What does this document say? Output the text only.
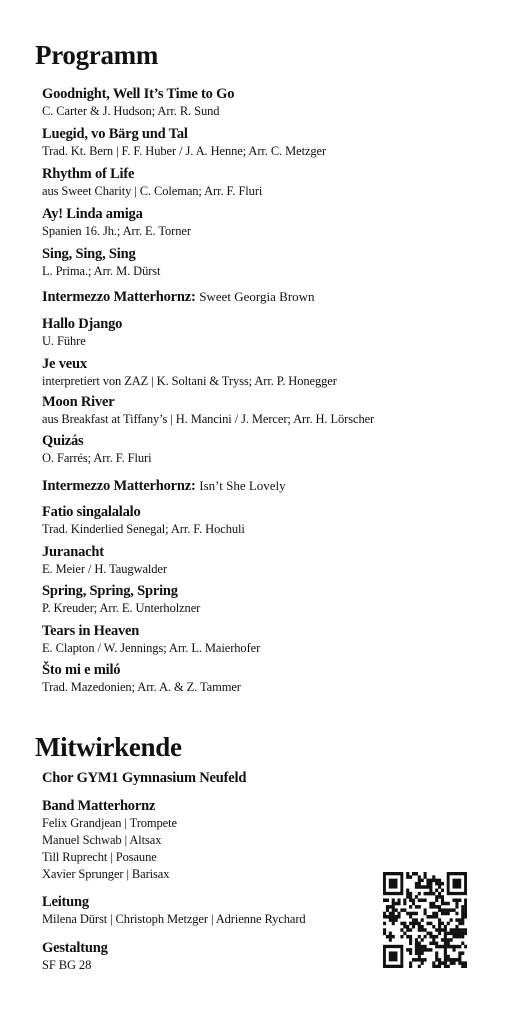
Programm
Goodnight, Well It’s Time to Go
C. Carter & J. Hudson; Arr. R. Sund
Luegid, vo Bärg und Tal
Trad. Kt. Bern | F. F. Huber / J. A. Henne; Arr. C. Metzger
Rhythm of Life
aus Sweet Charity | C. Coleman; Arr. F. Fluri
Ay! Linda amiga
Spanien 16. Jh.; Arr. E. Torner
Sing, Sing, Sing
L. Prima.; Arr. M. Dürst
Intermezzo Matterhornz: Sweet Georgia Brown
Hallo Django
U. Führe
Je veux
interpretiert von ZAZ | K. Soltani & Tryss; Arr. P. Honegger
Moon River
aus Breakfast at Tiffany’s | H. Mancini / J. Mercer; Arr. H. Lörscher
Quizás
O. Farrés; Arr. F. Fluri
Intermezzo Matterhornz: Isn’t She Lovely
Fatio singalalalo
Trad. Kinderlied Senegal; Arr. F. Hochuli
Juranacht
E. Meier / H. Taugwalder
Spring, Spring, Spring
P. Kreuder; Arr. E. Unterholzner
Tears in Heaven
E. Clapton / W. Jennings; Arr. L. Maierhofer
Što mi e miló
Trad. Mazedonien; Arr. A. & Z. Tammer
Mitwirkende
Chor GYM1 Gymnasium Neufeld
Band Matterhornz
Felix Grandjean | Trompete
Manuel Schwab | Altsax
Till Ruprecht | Posaune
Xavier Sprunger | Barisax
Leitung
Milena Dürst | Christoph Metzger | Adrienne Rychard
Gestaltung
SF BG 28
